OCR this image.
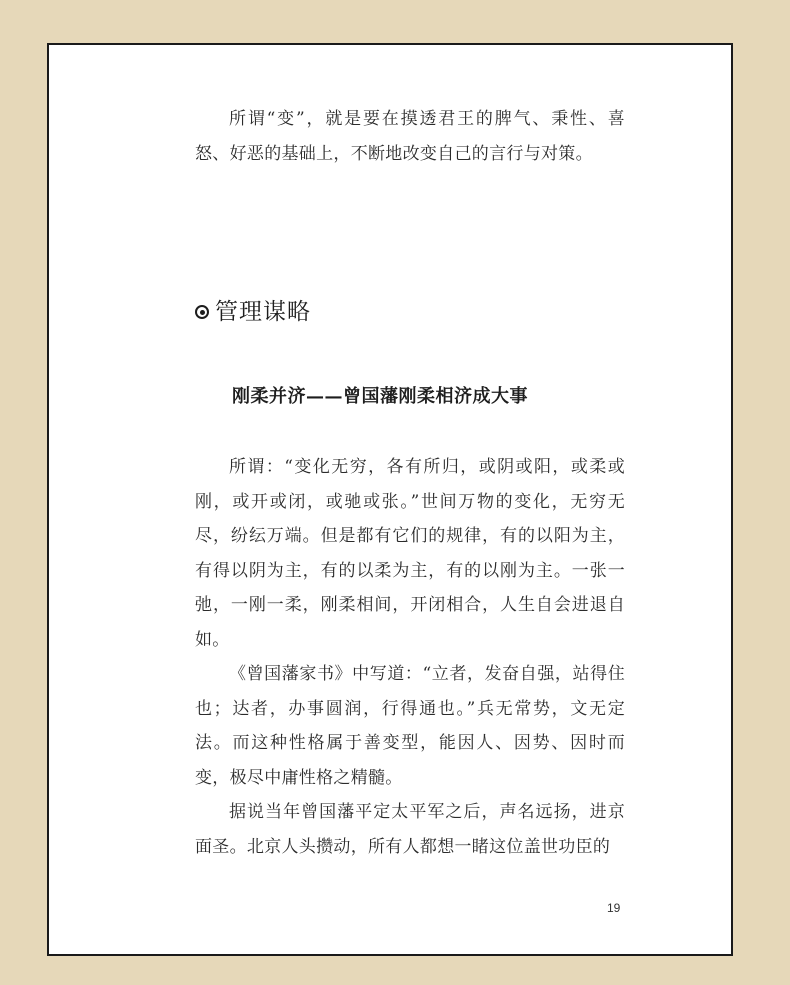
所谓“变”，就是要在摸透君王的脾气、秉性、喜怒、好恶的基础上，不断地改变自己的言行与对策。

管理谋略
刚柔并济——曾国藩刚柔相济成大事

所谓：“变化无穷，各有所归，或阴或阳，或柔或刚，或开或闭，或驰或张。”世间万物的变化，无穷无尽，纷纭万端。但是都有它们的规律，有的以阳为主，有得以阴为主，有的以柔为主，有的以刚为主。一张一弛，一刚一柔，刚柔相间，开闭相合，人生自会进退自如。

《曾国藩家书》中写道：“立者，发奋自强，站得住也；达者，办事圆润，行得通也。”兵无常势，文无定法。而这种性格属于善变型，能因人、因势、因时而变，极尽中庸性格之精髓。

据说当年曾国藩平定太平军之后，声名远扬，进京面圣。北京人头攒动，所有人都想一睹这位盖世功臣的

19
